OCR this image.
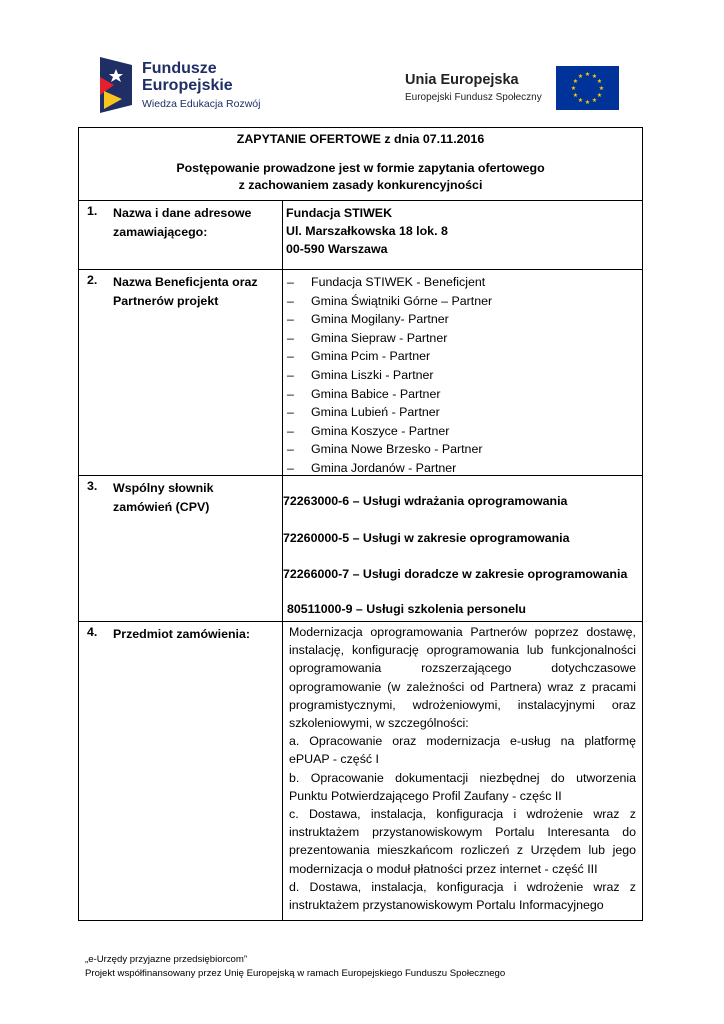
Fundusze
Europejskie
Wiedza Edukacja Rozwój
Unia Europejska
Europejski Fundusz Społeczny
★ ★
★
★
★
★
★
★
★
★
★
★
ZAPYTANIE OFERTOWE z dnia 07.11.2016
Postępowanie prowadzone jest w formie zapytania ofertowego
z zachowaniem zasady konkurencyjności
1. Nazwa i dane adresowe zamawiającego:
Fundacja STIWEK
Ul. Marszałkowska 18 lok. 8
00-590 Warszawa
2. Nazwa Beneficjenta oraz Partnerów projekt
– Fundacja STIWEK - Beneficjent
– Gmina Świątniki Górne – Partner
– Gmina Mogilany- Partner
– Gmina Siepraw - Partner
– Gmina Pcim - Partner
– Gmina Liszki - Partner
– Gmina Babice - Partner
– Gmina Lubień - Partner
– Gmina Koszyce - Partner
– Gmina Nowe Brzesko - Partner
– Gmina Jordanów - Partner
3. Wspólny słownik zamówień (CPV)	72263000-6 – Usługi wdrażania oprogramowania
72260000-5 – Usługi w zakresie oprogramowania
72266000-7 – Usługi doradcze w zakresie oprogramowania
80511000-9 – Usługi szkolenia personelu
4. Przedmiot zamówienia:	Modernizacja oprogramowania Partnerów poprzez dostawę, instalację, konfigurację oprogramowania lub funkcjonalności oprogramowania rozszerzającego dotychczasowe oprogramowanie (w zależności od Partnera) wraz z pracami programistycznymi, wdrożeniowymi, instalacyjnymi oraz szkoleniowymi, w szczególności:

a. Opracowanie oraz modernizacja e-usług na platformę ePUAP - część I

b. Opracowanie dokumentacji niezbędnej do utworzenia Punktu Potwierdzającego Profil Zaufany - częśc II

c. Dostawa, instalacja, konfiguracja i wdrożenie wraz z instruktażem przystanowiskowym Portalu Interesanta do prezentowania mieszkańcom rozliczeń z Urzędem lub jego modernizacja o moduł płatności przez internet - część III

d. Dostawa, instalacja, konfiguracja i wdrożenie wraz z instruktażem przystanowiskowym Portalu Informacyjnego

„e-Urzędy przyjazne przedsiębiorcom”
Projekt współfinansowany przez Unię Europejską w ramach Europejskiego Funduszu Społecznego
